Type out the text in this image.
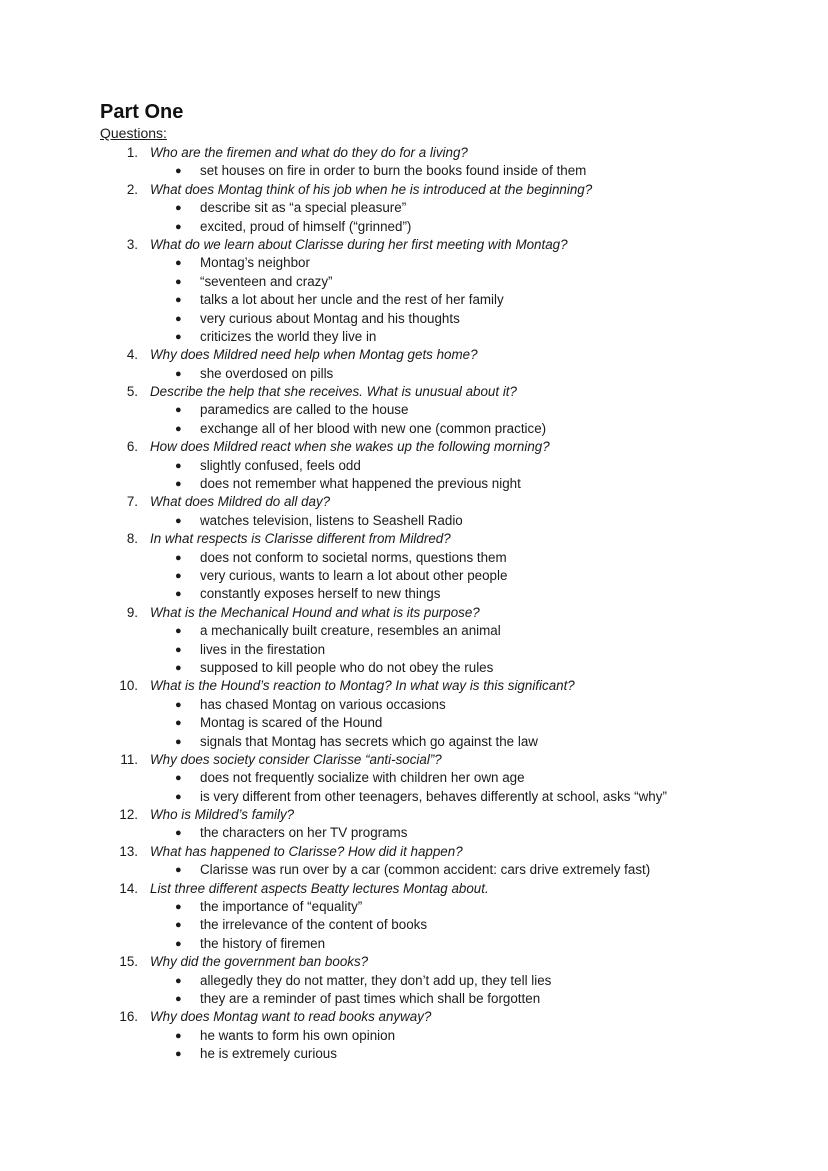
Part One
Questions:
1. Who are the firemen and what do they do for a living?
● set houses on fire in order to burn the books found inside of them
2. What does Montag think of his job when he is introduced at the beginning?
● describe sit as “a special pleasure”
● excited, proud of himself (“grinned”)
3. What do we learn about Clarisse during her first meeting with Montag?
● Montag’s neighbor
● “seventeen and crazy”
● talks a lot about her uncle and the rest of her family
● very curious about Montag and his thoughts
● criticizes the world they live in
4. Why does Mildred need help when Montag gets home?
● she overdosed on pills
5. Describe the help that she receives. What is unusual about it?
● paramedics are called to the house
● exchange all of her blood with new one (common practice)
6. How does Mildred react when she wakes up the following morning?
● slightly confused, feels odd
● does not remember what happened the previous night
7. What does Mildred do all day?
● watches television, listens to Seashell Radio
8. In what respects is Clarisse different from Mildred?
● does not conform to societal norms, questions them
● very curious, wants to learn a lot about other people
● constantly exposes herself to new things
9. What is the Mechanical Hound and what is its purpose?
● a mechanically built creature, resembles an animal
● lives in the firestation
● supposed to kill people who do not obey the rules
10. What is the Hound’s reaction to Montag? In what way is this significant?
● has chased Montag on various occasions
● Montag is scared of the Hound
● signals that Montag has secrets which go against the law
11. Why does society consider Clarisse “anti-social”?
● does not frequently socialize with children her own age
● is very different from other teenagers, behaves differently at school, asks “why”
12. Who is Mildred’s family?
● the characters on her TV programs
13. What has happened to Clarisse? How did it happen?
● Clarisse was run over by a car (common accident: cars drive extremely fast)
14. List three different aspects Beatty lectures Montag about.
● the importance of “equality”
● the irrelevance of the content of books
● the history of firemen
15. Why did the government ban books?
● allegedly they do not matter, they don’t add up, they tell lies
● they are a reminder of past times which shall be forgotten
16. Why does Montag want to read books anyway?
● he wants to form his own opinion
● he is extremely curious
